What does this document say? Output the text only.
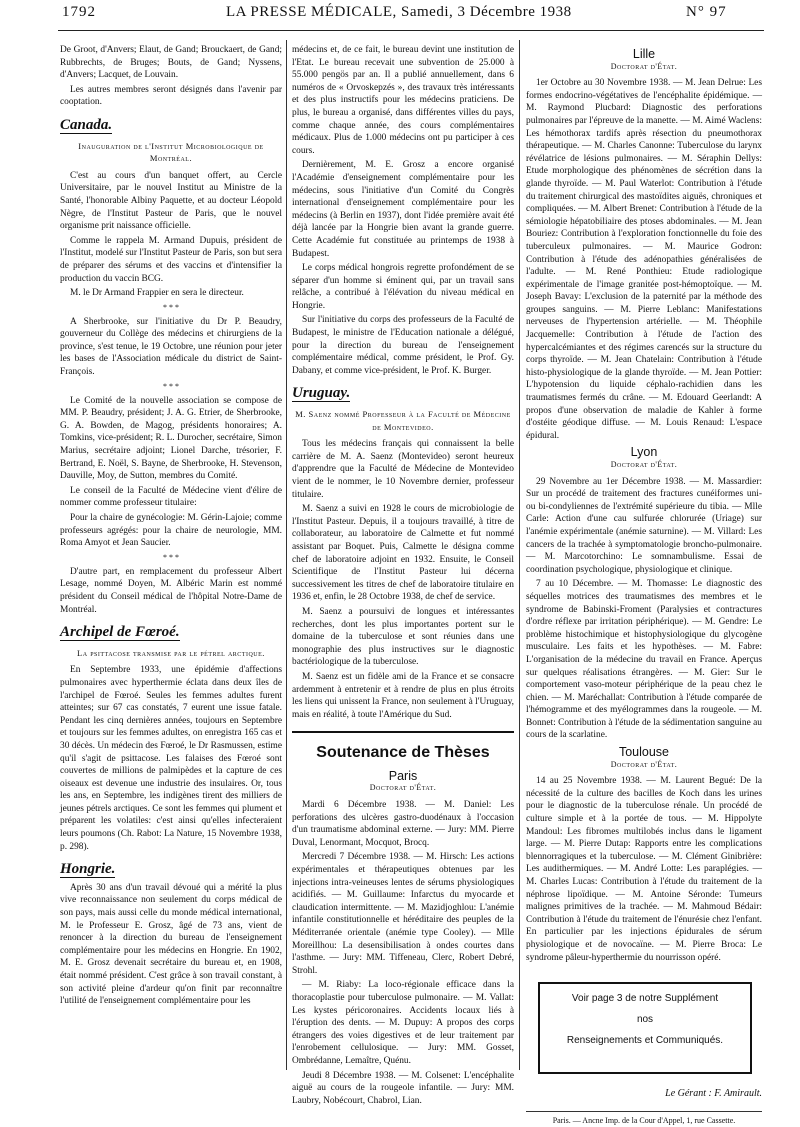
1792	LA PRESSE MÉDICALE, Samedi, 3 Décembre 1938	N° 97

De Groot, d'Anvers; Elaut, de Gand; Brouckaert, de Gand; Rubbrechts, de Bruges; Bouts, de Gand; Nyssens, d'Anvers; Lacquet, de Louvain.

Les autres membres seront désignés dans l'avenir par cooptation.

Canada.
Inauguration de l'Institut Microbiologique de Montréal.

C'est au cours d'un banquet offert, au Cercle Universitaire, par le nouvel Institut au Ministre de la Santé, l'honorable Albiny Paquette, et au docteur Léopold Nègre, de l'Institut Pasteur de Paris, que le nouvel organisme prit naissance officielle.

Comme le rappela M. Armand Dupuis, président de l'Institut, modelé sur l'Institut Pasteur de Paris, son but sera de préparer des sérums et des vaccins et d'intensifier la production du vaccin BCG.

M. le Dr Armand Frappier en sera le directeur.

* * *

A Sherbrooke, sur l'initiative du Dr P. Beaudry, gouverneur du Collège des médecins et chirurgiens de la province, s'est tenue, le 19 Octobre, une réunion pour jeter les bases de l'Association médicale du district de Saint-François.

* * *

Le Comité de la nouvelle association se compose de MM. P. Beaudry, président; J. A. G. Etrier, de Sherbrooke, G. A. Bowden, de Magog, présidents honoraires; A. Tomkins, vice-président; R. L. Durocher, secrétaire, Simon Marius, secrétaire adjoint; Lionel Darche, trésorier, F. Bertrand, E. Noël, S. Bayne, de Sherbrooke, H. Stevenson, Dauville, Moy, de Sutton, membres du Comité.

Le conseil de la Faculté de Médecine vient d'élire de nommer comme professeur titulaire:

Pour la chaire de gynécologie: M. Gérin-Lajoie; comme professeurs agrégés: pour la chaire de neurologie, MM. Roma Amyot et Jean Saucier.

* * *

D'autre part, en remplacement du professeur Albert Lesage, nommé Doyen, M. Albéric Marin est nommé président du Conseil médical de l'hôpital Notre-Dame de Montréal.

Archipel de Fœroé.
La psittacose transmise par le pétrel arctique.

En Septembre 1933, une épidémie d'affections pulmonaires avec hyperthermie éclata dans deux îles de l'archipel de Fœroé. Seules les femmes adultes furent atteintes; sur 67 cas constatés, 7 eurent une issue fatale. Pendant les cinq dernières années, toujours en Septembre et toujours sur les femmes adultes, on enregistra 165 cas et 30 décès. Un médecin des Fœroé, le Dr Rasmussen, estime qu'il s'agit de psittacose. Les falaises des Fœroé sont couvertes de millions de palmipèdes et la capture de ces oiseaux est devenue une industrie des insulaires. Or, tous les ans, en Septembre, les indigènes tirent des milliers de jeunes pétrels arctiques. Ce sont les femmes qui plument et préparent les volatiles: c'est ainsi qu'elles infecteraient leurs poumons (Ch. Rabot: La Nature, 15 Novembre 1938, p. 298).

Hongrie.

Après 30 ans d'un travail dévoué qui a mérité la plus vive reconnaissance non seulement du corps médical de son pays, mais aussi celle du monde médical international, M. le Professeur E. Grosz, âgé de 73 ans, vient de renoncer à la direction du bureau de l'enseignement complémentaire pour les médecins en Hongrie. En 1902, M. E. Grosz devenait secrétaire du bureau et, en 1908, était nommé président. C'est grâce à son travail constant, à son activité pleine d'ardeur qu'on finit par reconnaître l'utilité de l'enseignement complémentaire pour les

médecins et, de ce fait, le bureau devint une institution de l'Etat. Le bureau recevait une subvention de 25.000 à 55.000 pengös par an. Il a publié annuellement, dans 6 numéros de « Orvoskepzés », des travaux très intéressants et des plus instructifs pour les médecins praticiens. De plus, le bureau a organisé, dans différentes villes du pays, comme chaque année, des cours complémentaires médicaux. Plus de 1.000 médecins ont pu participer à ces cours.

Dernièrement, M. E. Grosz a encore organisé l'Académie d'enseignement complémentaire pour les médecins, sous l'initiative d'un Comité du Congrès international d'enseignement complémentaire pour les médecins (à Berlin en 1937), dont l'idée première avait été déjà lancée par la Hongrie bien avant la grande guerre. Cette Académie fut constituée au printemps de 1938 à Budapest.

Le corps médical hongrois regrette profondément de se séparer d'un homme si éminent qui, par un travail sans relâche, a contribué à l'élévation du niveau médical en Hongrie.

Sur l'initiative du corps des professeurs de la Faculté de Budapest, le ministre de l'Education nationale a délégué, pour la direction du bureau de l'enseignement complémentaire médical, comme président, le Prof. Gy. Dabany, et comme vice-président, le Prof. K. Burger.

Uruguay.
M. Saenz nommé Professeur à la Faculté de Médecine de Montevideo.

Tous les médecins français qui connaissent la belle carrière de M. A. Saenz (Montevideo) seront heureux d'apprendre que la Faculté de Médecine de Montevideo vient de le nommer, le 10 Novembre dernier, professeur titulaire.

M. Saenz a suivi en 1928 le cours de microbiologie de l'Institut Pasteur. Depuis, il a toujours travaillé, à titre de collaborateur, au laboratoire de Calmette et fut nommé assistant par Boquet. Puis, Calmette le désigna comme chef de laboratoire adjoint en 1932. Ensuite, le Conseil Scientifique de l'Institut Pasteur lui décerna successivement les titres de chef de laboratoire titulaire en 1936 et, enfin, le 28 Octobre 1938, de chef de service.

M. Saenz a poursuivi de longues et intéressantes recherches, dont les plus importantes portent sur le domaine de la tuberculose et sont réunies dans une monographie des plus instructives sur le diagnostic bactériologique de la tuberculose.

M. Saenz est un fidèle ami de la France et se consacre ardemment à entretenir et à rendre de plus en plus étroits les liens qui unissent la France, non seulement à l'Uruguay, mais en réalité, à toute l'Amérique du Sud.

Soutenance de Thèses
Paris
Doctorat d'État.

Mardi 6 Décembre 1938. — M. Daniel: Les perforations des ulcères gastro-duodénaux à l'occasion d'un traumatisme abdominal externe. — Jury: MM. Pierre Duval, Lenormant, Mocquot, Brocq.

Mercredi 7 Décembre 1938. — M. Hirsch: Les actions expérimentales et thérapeutiques obtenues par les injections intra-veineuses lentes de sérums physiologiques acidifiés. — M. Guillaume: Infarctus du myocarde et claudication intermittente. — M. Mazidjoghlou: L'anémie infantile constitutionnelle et héréditaire des peuples de la Méditerranée orientale (anémie type Cooley). — Mlle Moreillhou: La desensibilisation à ondes courtes dans l'asthme. — Jury: MM. Tiffeneau, Clerc, Robert Debré, Strohl.

— M. Riaby: La loco-régionale efficace dans la thoracoplastie pour tuberculose pulmonaire. — M. Vallat: Les kystes péricoronaires. Accidents locaux liés à l'éruption des dents. — M. Dupuy: A propos des corps étrangers des voies digestives et de leur traitement par l'enrobement cellulosique. — Jury: MM. Gosset, Ombrédanne, Lemaître, Quénu.

Jeudi 8 Décembre 1938. — M. Colsenet: L'encéphalite aiguë au cours de la rougeole infantile. — Jury: MM. Laubry, Nobécourt, Chabrol, Lian.

Lille
Doctorat d'État.

1er Octobre au 30 Novembre 1938. — M. Jean Delrue: Les formes endocrino-végétatives de l'encéphalite épidémique. — M. Raymond Plucbard: Diagnostic des perforations pulmonaires par l'épreuve de la manette. — M. Aimé Waclens: Les hémothorax tardifs après résection du pneumothorax thérapeutique. — M. Charles Canonne: Tuberculose du larynx révélatrice de lésions pulmonaires. — M. Séraphin Dellys: Etude morphologique des phénomènes de sécrétion dans la glande thyroïde. — M. Paul Waterlot: Contribution à l'étude du traitement chirurgical des mastoïdites aiguës, chroniques et compliquées. — M. Albert Brenet: Contribution à l'étude de la sémiologie hépatobiliaire des ptoses abdominales. — M. Jean Bouriez: Contribution à l'exploration fonctionnelle du foie des tuberculeux pulmonaires. — M. Maurice Godron: Contribution à l'étude des adénopathies généralisées de l'adulte. — M. René Ponthieu: Etude radiologique expérimentale de l'image granitée post-hémoptoïque. — M. Joseph Bavay: L'exclusion de la paternité par la méthode des groupes sanguins. — M. Pierre Leblanc: Manifestations nerveuses de l'hypertension artérielle. — M. Théophile Jacquemelle: Contribution à l'étude de l'action des hypercalcémiantes et des régimes carencés sur la structure du corps thyroïde. — M. Jean Chatelain: Contribution à l'étude histo-physiologique de la glande thyroïde. — M. Jean Pottier: L'hypotension du liquide céphalo-rachidien dans les traumatismes fermés du crâne. — M. Edouard Geerlandt: A propos d'une observation de maladie de Kahler à forme d'ostéite géodique diffuse. — M. Louis Renaud: L'espace épidural.

Lyon
Doctorat d'État.

29 Novembre au 1er Décembre 1938. — M. Massardier: Sur un procédé de traitement des fractures cunéiformes uni- ou bi-condyliennes de l'extrémité supérieure du tibia. — Mlle Carle: Action d'une cau sulfurée chlorurée (Uriage) sur l'anémie expérimentale (anémie saturnine). — M. Villard: Les cancers de la trachée à symptomatologie broncho-pulmonaire. — M. Marcotorchino: Le somnambulisme. Essai de coordination psychologique, physiologique et clinique.

7 au 10 Décembre. — M. Thomasse: Le diagnostic des séquelles motrices des traumatismes des membres et le syndrome de Babinski-Froment (Paralysies et contractures d'ordre réflexe par irritation périphérique). — M. Gendre: Le problème histochimique et histophysiologique du glycogène musculaire. Les faits et les hypothèses. — M. Fabre: L'organisation de la médecine du travail en France. Aperçus sur quelques réalisations étrangères. — M. Gier: Sur le comportement vaso-moteur périphérique de la peau chez le chien. — M. Maréchallat: Contribution à l'étude comparée de l'hémogramme et des myélogrammes dans la rougeole. — M. Bonnet: Contribution à l'étude de la sédimentation sanguine au cours de la scarlatine.

Toulouse
Doctorat d'État.

14 au 25 Novembre 1938. — M. Laurent Begué: De la nécessité de la culture des bacilles de Koch dans les urines pour le diagnostic de la tuberculose rénale. Un procédé de culture simple et à la portée de tous. — M. Hippolyte Mandoul: Les fibromes multilobés inclus dans le ligament large. — M. Pierre Dutap: Rapports entre les complications blennorragiques et la tuberculose. — M. Clément Ginibrière: Les audithermiques. — M. André Lotte: Les paraplégies. — M. Charles Lucas: Contribution à l'étude du traitement de la néphrose lipoïdique. — M. Antoine Séronde: Tumeurs malignes primitives de la trachée. — M. Mahmoud Bédair: Contribution à l'étude du traitement de l'énurésie chez l'enfant. En particulier par les injections épidurales de sérum physiologique et de novocaïne. — M. Pierre Broca: Le syndrome pâleur-hyperthermie du nourrisson opéré.

Voir page 3 de notre Supplément
nos
Renseignements et Communiqués.
Le Gérant : F. Amirault.
Paris. — Ancne Imp. de la Cour d'Appel, 1, rue Cassette.
